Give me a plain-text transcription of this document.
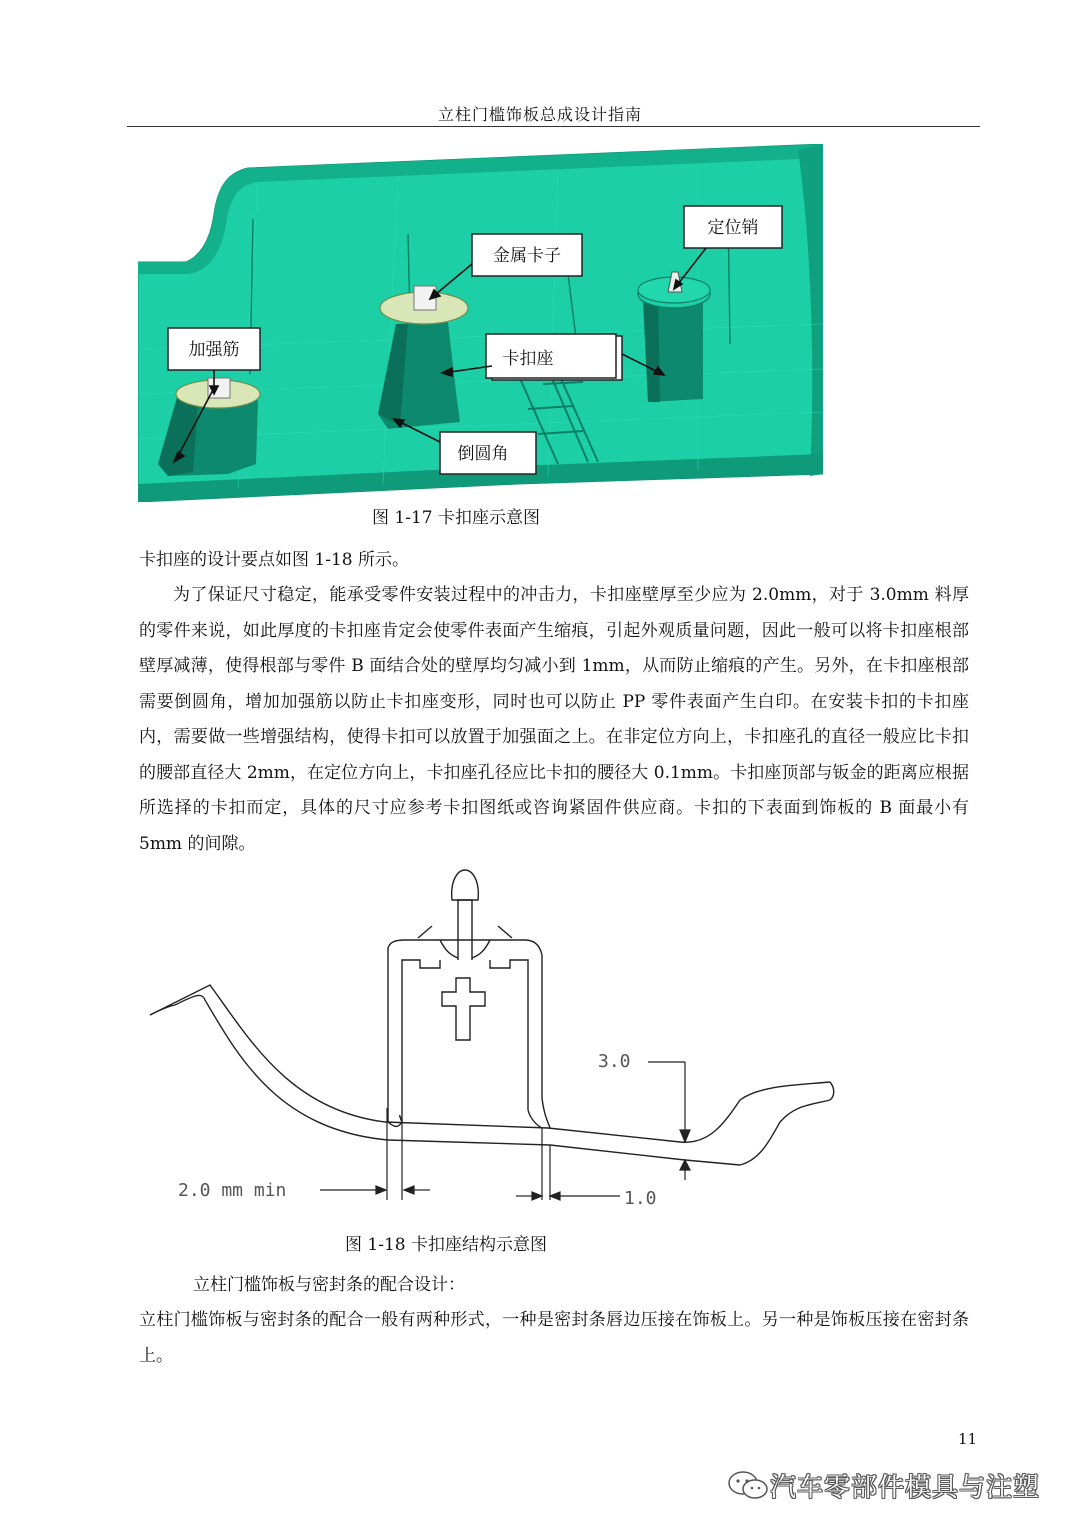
立柱门槛饰板总成设计指南
定位销
金属卡子
加强筋	卡扣座
倒圆角
图 1-17 卡扣座示意图

卡扣座的设计要点如图 1-18 所示。

为了保证尺寸稳定，能承受零件安装过程中的冲击力，卡扣座壁厚至少应为 2.0mm，对于 3.0mm 料厚的零件来说，如此厚度的卡扣座肯定会使零件表面产生缩痕，引起外观质量问题，因此一般可以将卡扣座根部壁厚减薄，使得根部与零件 B 面结合处的壁厚均匀减小到 1mm，从而防止缩痕的产生。另外，在卡扣座根部需要倒圆角，增加加强筋以防止卡扣座变形，同时也可以防止 PP 零件表面产生白印。在安装卡扣的卡扣座内，需要做一些增强结构，使得卡扣可以放置于加强面之上。在非定位方向上，卡扣座孔的直径一般应比卡扣的腰部直径大 2mm，在定位方向上，卡扣座孔径应比卡扣的腰径大 0.1mm。卡扣座顶部与钣金的距离应根据所选择的卡扣而定，具体的尺寸应参考卡扣图纸或咨询紧固件供应商。卡扣的下表面到饰板的 B 面最小有 5mm 的间隙。

3.0
2.0 mm min	1.0
图 1-18 卡扣座结构示意图

立柱门槛饰板与密封条的配合设计：

立柱门槛饰板与密封条的配合一般有两种形式，一种是密封条唇边压接在饰板上。另一种是饰板压接在密封条上。

11
汽车零部件模具与注塑
